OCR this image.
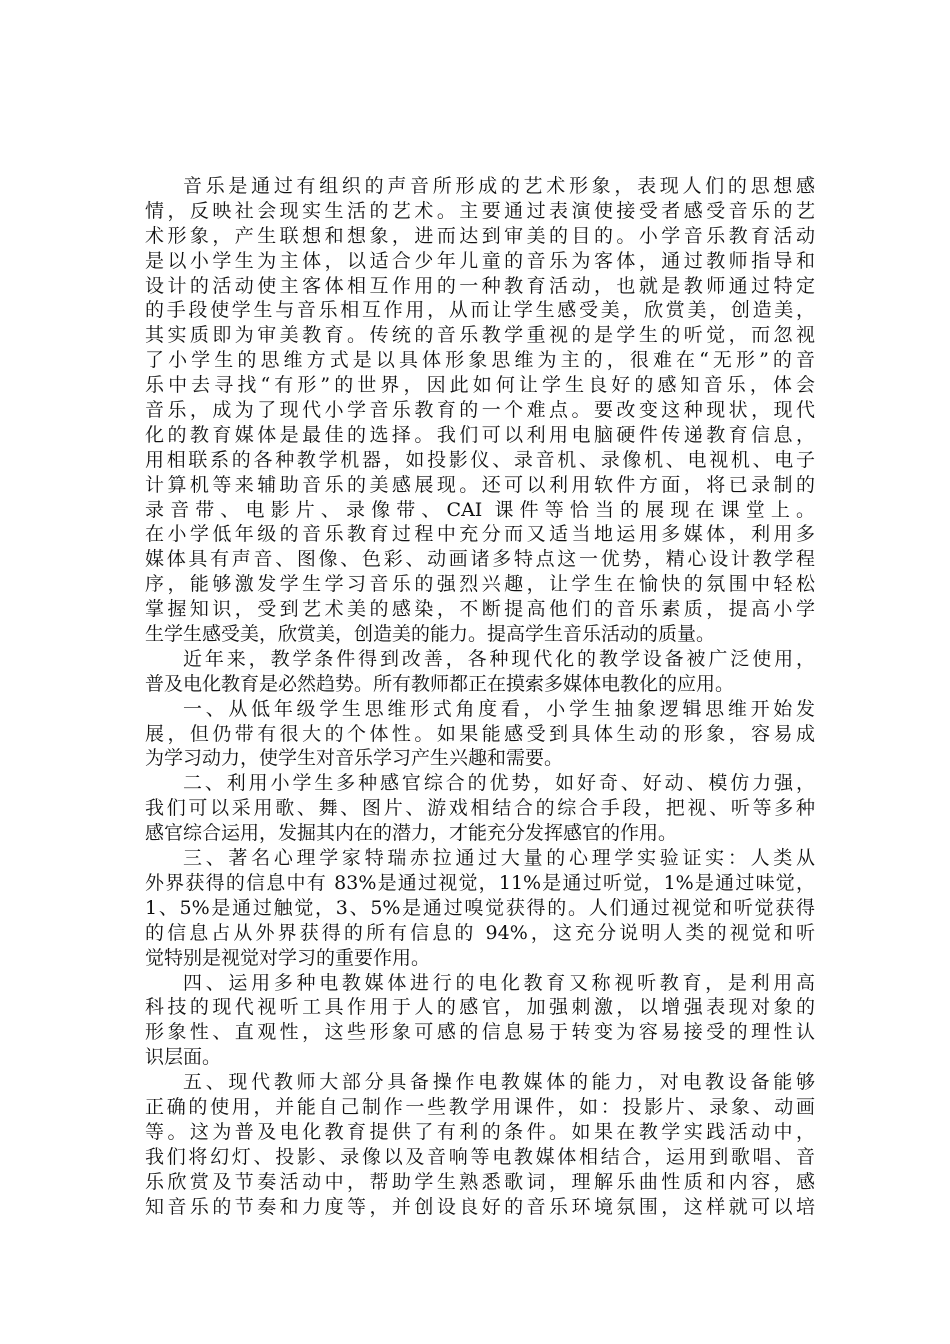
音乐是通过有组织的声音所形成的艺术形象，表现人们的思想感
情，反映社会现实生活的艺术。主要通过表演使接受者感受音乐的艺
术形象，产生联想和想象，进而达到审美的目的。小学音乐教育活动
是以小学生为主体，以适合少年儿童的音乐为客体，通过教师指导和
设计的活动使主客体相互作用的一种教育活动，也就是教师通过特定
的手段使学生与音乐相互作用，从而让学生感受美，欣赏美，创造美，
其实质即为审美教育。传统的音乐教学重视的是学生的听觉，而忽视
了小学生的思维方式是以具体形象思维为主的，很难在“无形”的音
乐中去寻找“有形”的世界，因此如何让学生良好的感知音乐，体会
音乐，成为了现代小学音乐教育的一个难点。要改变这种现状，现代
化的教育媒体是最佳的选择。我们可以利用电脑硬件传递教育信息，
用相联系的各种教学机器，如投影仪、录音机、录像机、电视机、电子
计算机等来辅助音乐的美感展现。还可以利用软件方面，将已录制的
录音带、电影片、录像带、CAI 课件等恰当的展现在课堂上。
在小学低年级的音乐教育过程中充分而又适当地运用多媒体，利用多
媒体具有声音、图像、色彩、动画诸多特点这一优势，精心设计教学程
序，能够激发学生学习音乐的强烈兴趣，让学生在愉快的氛围中轻松
掌握知识，受到艺术美的感染，不断提高他们的音乐素质，提高小学
生学生感受美，欣赏美，创造美的能力。提高学生音乐活动的质量。
近年来，教学条件得到改善，各种现代化的教学设备被广泛使用，
普及电化教育是必然趋势。所有教师都正在摸索多媒体电教化的应用。
一、从低年级学生思维形式角度看，小学生抽象逻辑思维开始发
展，但仍带有很大的个体性。如果能感受到具体生动的形象，容易成
为学习动力，使学生对音乐学习产生兴趣和需要。
二、利用小学生多种感官综合的优势，如好奇、好动、模仿力强，
我们可以采用歌、舞、图片、游戏相结合的综合手段，把视、听等多种
感官综合运用，发掘其内在的潜力，才能充分发挥感官的作用。
三、著名心理学家特瑞赤拉通过大量的心理学实验证实：人类从
外界获得的信息中有 83%是通过视觉，11%是通过听觉，1%是通过味觉，
1、5%是通过触觉，3、5%是通过嗅觉获得的。人们通过视觉和听觉获得
的信息占从外界获得的所有信息的 94%，这充分说明人类的视觉和听
觉特别是视觉对学习的重要作用。
四、运用多种电教媒体进行的电化教育又称视听教育，是利用高
科技的现代视听工具作用于人的感官，加强刺激，以增强表现对象的
形象性、直观性，这些形象可感的信息易于转变为容易接受的理性认
识层面。
五、现代教师大部分具备操作电教媒体的能力，对电教设备能够
正确的使用，并能自己制作一些教学用课件，如：投影片、录象、动画
等。这为普及电化教育提供了有利的条件。如果在教学实践活动中，
我们将幻灯、投影、录像以及音响等电教媒体相结合，运用到歌唱、音
乐欣赏及节奏活动中，帮助学生熟悉歌词，理解乐曲性质和内容，感
知音乐的节奏和力度等，并创设良好的音乐环境氛围，这样就可以培
